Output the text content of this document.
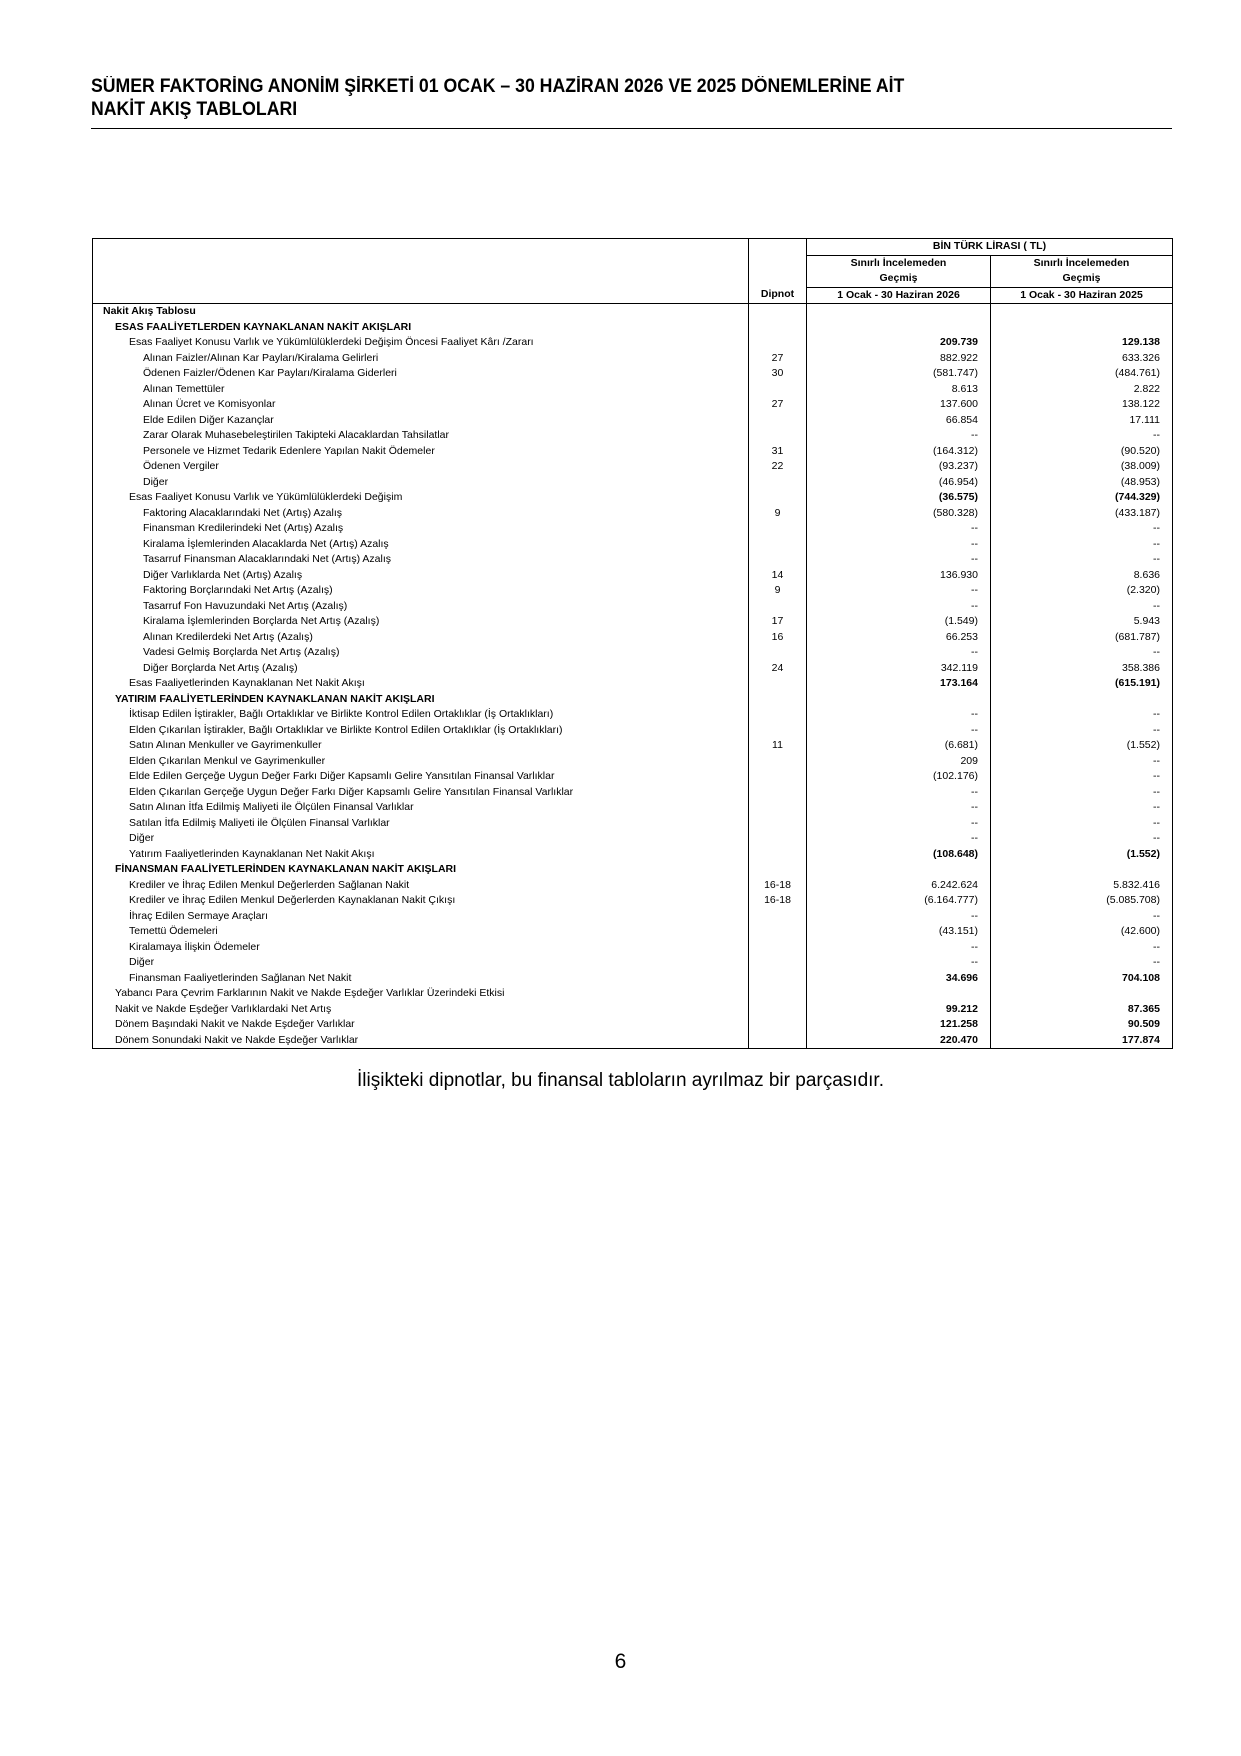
SÜMER FAKTORİNG ANONİM ŞİRKETİ 01 OCAK – 30 HAZİRAN 2026 VE 2025 DÖNEMLERİNE AİT
NAKİT AKIŞ TABLOLARI
		BİN TÜRK LİRASI ( TL)	
		Sınırlı İncelemeden	Sınırlı İncelemeden
		Geçmiş	Geçmiş
	Dipnot	1 Ocak - 30 Haziran 2026	1 Ocak - 30 Haziran 2025
Nakit Akış Tablosu			
ESAS FAALİYETLERDEN KAYNAKLANAN NAKİT AKIŞLARI			
Esas Faaliyet Konusu Varlık ve Yükümlülüklerdeki Değişim Öncesi Faaliyet Kârı /Zararı		209.739	129.138
Alınan Faizler/Alınan Kar Payları/Kiralama Gelirleri	27	882.922	633.326
Ödenen Faizler/Ödenen Kar Payları/Kiralama Giderleri	30	(581.747)	(484.761)
Alınan Temettüler		8.613	2.822
Alınan Ücret ve Komisyonlar	27	137.600	138.122
Elde Edilen Diğer Kazançlar		66.854	17.111
Zarar Olarak Muhasebeleştirilen Takipteki Alacaklardan Tahsilatlar		--	--
Personele ve Hizmet Tedarik Edenlere Yapılan Nakit Ödemeler	31	(164.312)	(90.520)
Ödenen Vergiler	22	(93.237)	(38.009)
Diğer		(46.954)	(48.953)
Esas Faaliyet Konusu Varlık ve Yükümlülüklerdeki Değişim		(36.575)	(744.329)
Faktoring Alacaklarındaki Net (Artış) Azalış	9	(580.328)	(433.187)
Finansman Kredilerindeki Net (Artış) Azalış		--	--
Kiralama İşlemlerinden Alacaklarda Net (Artış) Azalış		--	--
Tasarruf Finansman Alacaklarındaki Net (Artış) Azalış		--	--
Diğer Varlıklarda Net (Artış) Azalış	14	136.930	8.636
Faktoring Borçlarındaki Net Artış (Azalış)	9	--	(2.320)
Tasarruf Fon Havuzundaki Net Artış (Azalış)		--	--
Kiralama İşlemlerinden Borçlarda Net Artış (Azalış)	17	(1.549)	5.943
Alınan Kredilerdeki Net Artış (Azalış)	16	66.253	(681.787)
Vadesi Gelmiş Borçlarda Net Artış (Azalış)		--	--
Diğer Borçlarda Net Artış (Azalış)	24	342.119	358.386
Esas Faaliyetlerinden Kaynaklanan Net Nakit Akışı		173.164	(615.191)
YATIRIM FAALİYETLERİNDEN KAYNAKLANAN NAKİT AKIŞLARI			
İktisap Edilen İştirakler, Bağlı Ortaklıklar ve Birlikte Kontrol Edilen Ortaklıklar (İş Ortaklıkları)		--	--
Elden Çıkarılan İştirakler, Bağlı Ortaklıklar ve Birlikte Kontrol Edilen Ortaklıklar (İş Ortaklıkları)		--	--
Satın Alınan Menkuller ve Gayrimenkuller	11	(6.681)	(1.552)
Elden Çıkarılan Menkul ve Gayrimenkuller		209	--
Elde Edilen Gerçeğe Uygun Değer Farkı Diğer Kapsamlı Gelire Yansıtılan Finansal Varlıklar		(102.176)	--
Elden Çıkarılan Gerçeğe Uygun Değer Farkı Diğer Kapsamlı Gelire Yansıtılan Finansal Varlıklar		--	--
Satın Alınan İtfa Edilmiş Maliyeti ile Ölçülen Finansal Varlıklar		--	--
Satılan İtfa Edilmiş Maliyeti ile Ölçülen Finansal Varlıklar		--	--
Diğer		--	--
Yatırım Faaliyetlerinden Kaynaklanan Net Nakit Akışı		(108.648)	(1.552)
FİNANSMAN FAALİYETLERİNDEN KAYNAKLANAN NAKİT AKIŞLARI			
Krediler ve İhraç Edilen Menkul Değerlerden Sağlanan Nakit	16-18	6.242.624	5.832.416
Krediler ve İhraç Edilen Menkul Değerlerden Kaynaklanan Nakit Çıkışı	16-18	(6.164.777)	(5.085.708)
İhraç Edilen Sermaye Araçları		--	--
Temettü Ödemeleri		(43.151)	(42.600)
Kiralamaya İlişkin Ödemeler		--	--
Diğer		--	--
Finansman Faaliyetlerinden Sağlanan Net Nakit		34.696	704.108
Yabancı Para Çevrim Farklarının Nakit ve Nakde Eşdeğer Varlıklar Üzerindeki Etkisi			
Nakit ve Nakde Eşdeğer Varlıklardaki Net Artış		99.212	87.365
Dönem Başındaki Nakit ve Nakde Eşdeğer Varlıklar		121.258	90.509
Dönem Sonundaki Nakit ve Nakde Eşdeğer Varlıklar		220.470	177.874
İlişikteki dipnotlar, bu finansal tabloların ayrılmaz bir parçasıdır.
6
